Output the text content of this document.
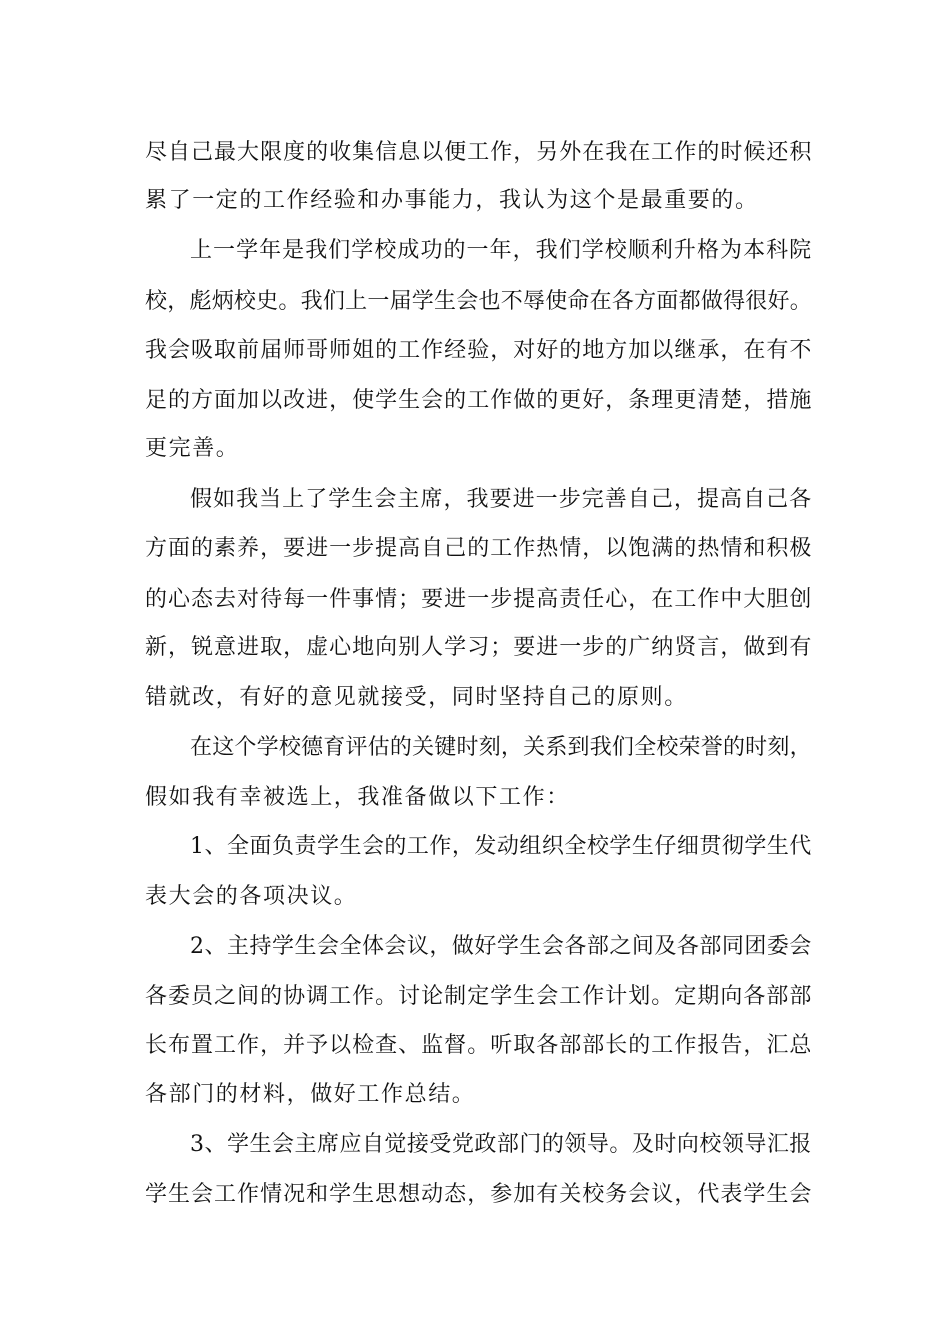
尽自己最大限度的收集信息以便工作，另外在我在工作的时候还积

累了一定的工作经验和办事能力，我认为这个是最重要的。

上一学年是我们学校成功的一年，我们学校顺利升格为本科院

校，彪炳校史。我们上一届学生会也不辱使命在各方面都做得很好。

我会吸取前届师哥师姐的工作经验，对好的地方加以继承，在有不

足的方面加以改进，使学生会的工作做的更好，条理更清楚，措施

更完善。

假如我当上了学生会主席，我要进一步完善自己，提高自己各

方面的素养，要进一步提高自己的工作热情，以饱满的热情和积极

的心态去对待每一件事情；要进一步提高责任心，在工作中大胆创

新，锐意进取，虚心地向别人学习；要进一步的广纳贤言，做到有

错就改，有好的意见就接受，同时坚持自己的原则。

在这个学校德育评估的关键时刻，关系到我们全校荣誉的时刻，

假如我有幸被选上，我准备做以下工作：

1、全面负责学生会的工作，发动组织全校学生仔细贯彻学生代

表大会的各项决议。

2、主持学生会全体会议，做好学生会各部之间及各部同团委会

各委员之间的协调工作。讨论制定学生会工作计划。定期向各部部

长布置工作，并予以检查、监督。听取各部部长的工作报告，汇总

各部门的材料，做好工作总结。

3、学生会主席应自觉接受党政部门的领导。及时向校领导汇报

学生会工作情况和学生思想动态，参加有关校务会议，代表学生会
